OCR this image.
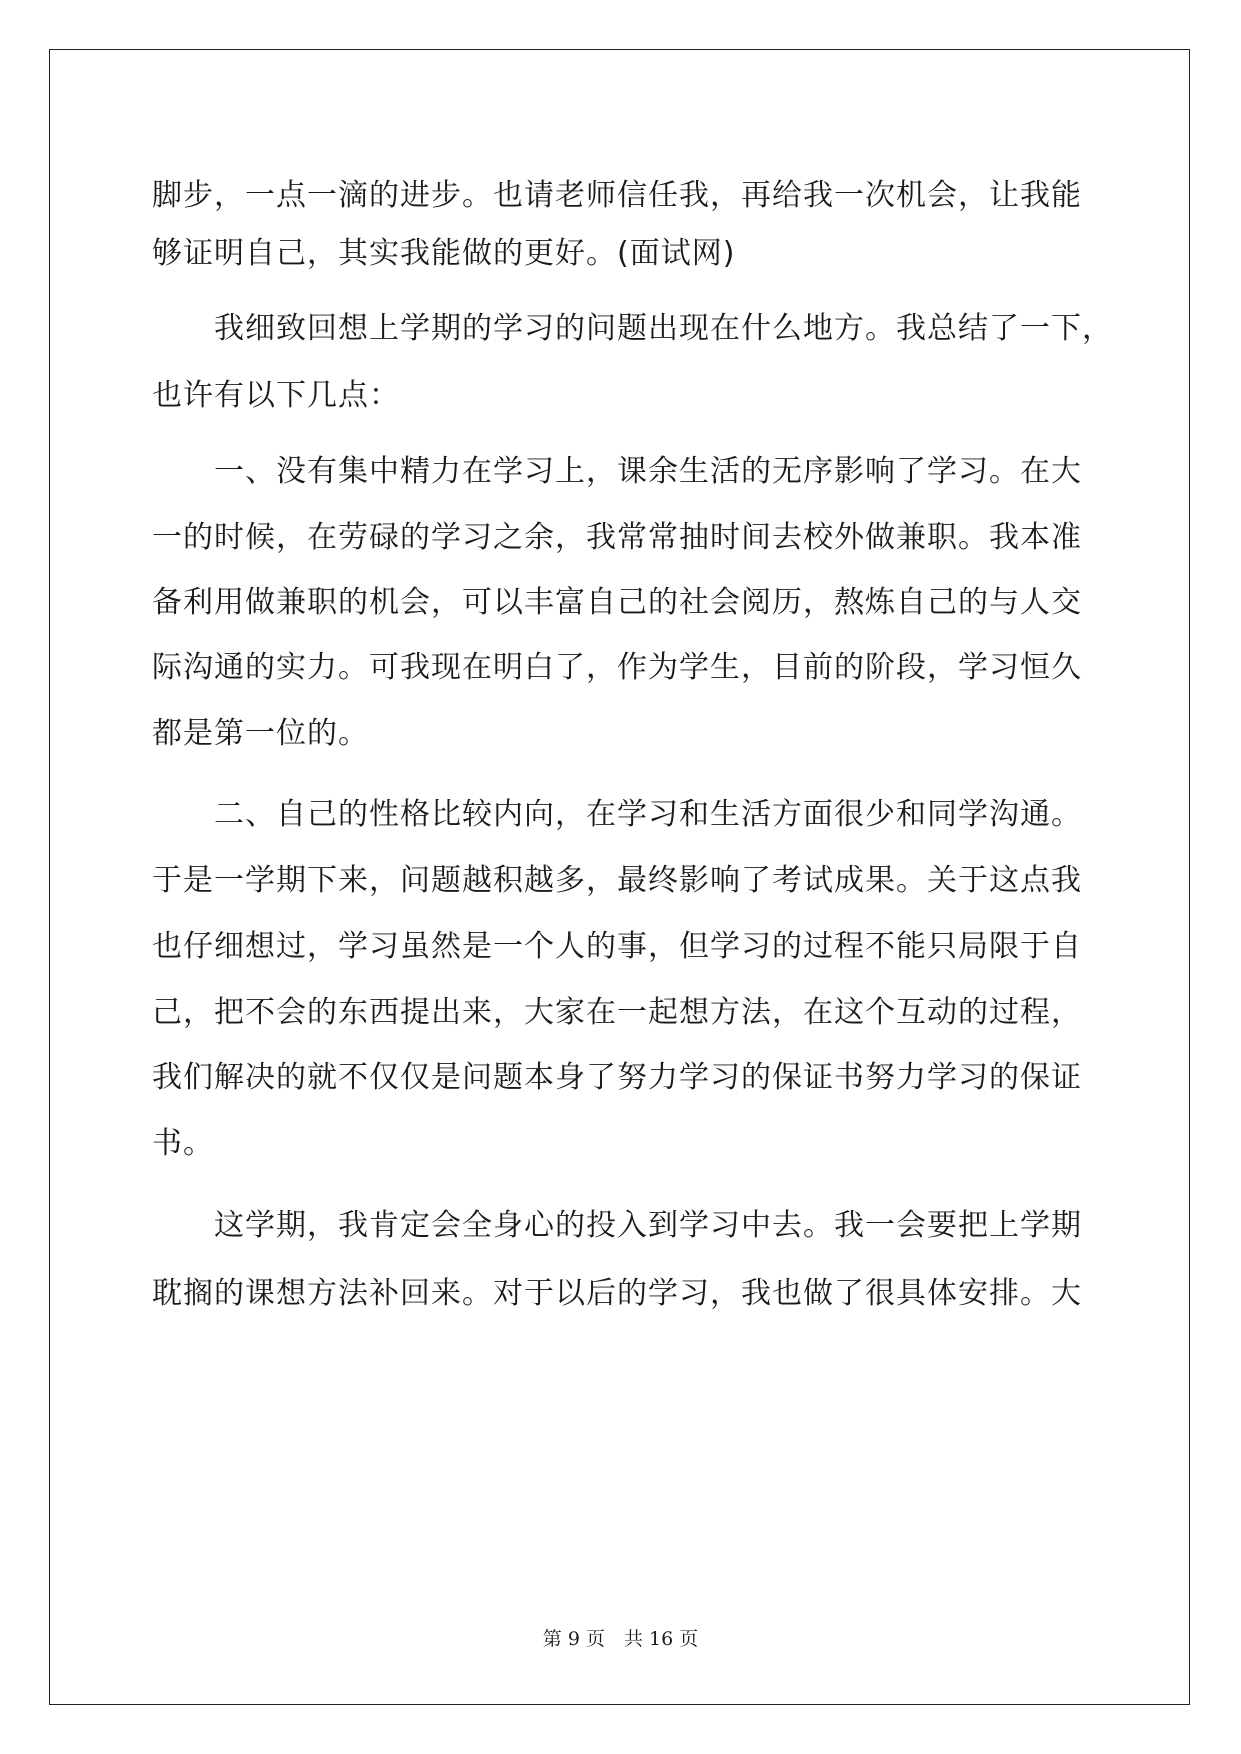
脚步，一点一滴的进步。也请老师信任我，再给我一次机会，让我能
够证明自己，其实我能做的更好。(面试网)
　　我细致回想上学期的学习的问题出现在什么地方。我总结了一下，
也许有以下几点：
　　一、没有集中精力在学习上，课余生活的无序影响了学习。在大
一的时候，在劳碌的学习之余，我常常抽时间去校外做兼职。我本准
备利用做兼职的机会，可以丰富自己的社会阅历，熬炼自己的与人交
际沟通的实力。可我现在明白了，作为学生，目前的阶段，学习恒久
都是第一位的。
　　二、自己的性格比较内向，在学习和生活方面很少和同学沟通。
于是一学期下来，问题越积越多，最终影响了考试成果。关于这点我
也仔细想过，学习虽然是一个人的事，但学习的过程不能只局限于自
己，把不会的东西提出来，大家在一起想方法，在这个互动的过程，
我们解决的就不仅仅是问题本身了努力学习的保证书努力学习的保证
书。
　　这学期，我肯定会全身心的投入到学习中去。我一会要把上学期
耽搁的课想方法补回来。对于以后的学习，我也做了很具体安排。大
第 9 页　共 16 页
